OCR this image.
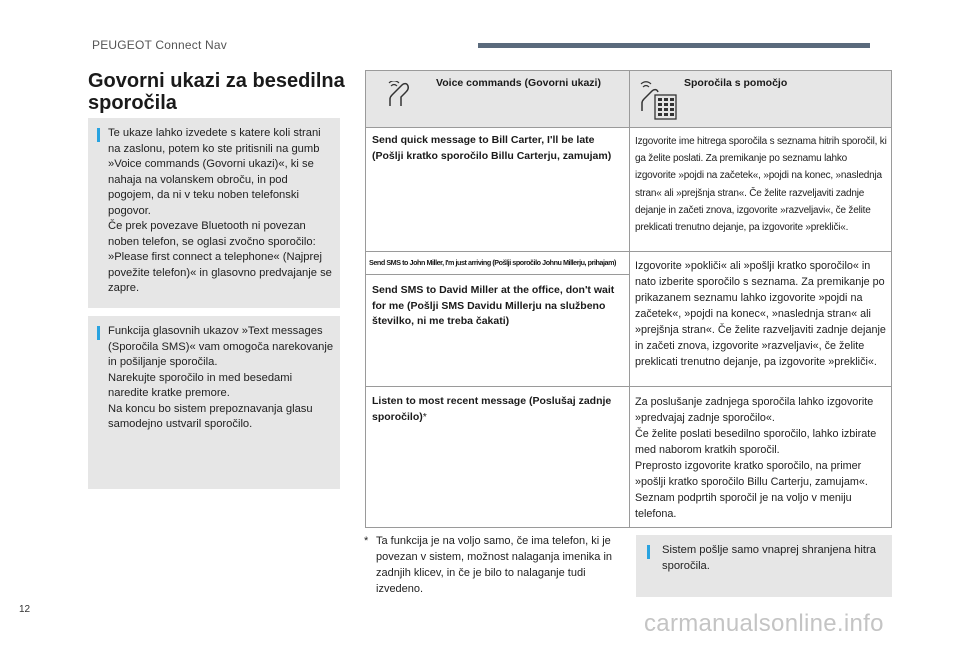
PEUGEOT Connect Nav
Govorni ukazi za besedilna sporočila

Te ukaze lahko izvedete s katere koli strani na zaslonu, potem ko ste pritisnili na gumb »Voice commands (Govorni ukazi)«, ki se nahaja na volanskem obroču, in pod pogojem, da ni v teku noben telefonski pogovor.

Če prek povezave Bluetooth ni povezan noben telefon, se oglasi zvočno sporočilo: »Please first connect a telephone« (Najprej povežite telefon)« in glasovno predvajanje se zapre.

Funkcija glasovnih ukazov »Text messages (Sporočila SMS)« vam omogoča narekovanje in pošiljanje sporočila.

Narekujte sporočilo in med besedami naredite kratke premore.

Na koncu bo sistem prepoznavanja glasu samodejno ustvaril sporočilo.

Voice commands (Govorni ukazi)	Sporočila s pomočjo
Send quick message to Bill Carter, I'll be late (Pošlji kratko sporočilo Billu Carterju, zamujam)
Izgovorite ime hitrega sporočila s seznama hitrih sporočil, ki ga želite poslati. Za premikanje po seznamu lahko izgovorite »pojdi na začetek«, »pojdi na konec, »naslednja stran« ali »prejšnja stran«. Če želite razveljaviti zadnje dejanje in začeti znova, izgovorite »razveljavi«, če želite preklicati trenutno dejanje, pa izgovorite »prekliči«.
Send SMS to John Miller, I'm just arriving (Pošlji sporočilo Johnu Millerju, prihajam)
Send SMS to David Miller at the office, don't wait for me (Pošlji SMS Davidu Millerju na službeno številko, ni me treba čakati)
Izgovorite »pokliči« ali »pošlji kratko sporočilo« in nato izberite sporočilo s seznama. Za premikanje po prikazanem seznamu lahko izgovorite »pojdi na začetek«, »pojdi na konec«, »naslednja stran« ali »prejšnja stran«. Če želite razveljaviti zadnje dejanje in začeti znova, izgovorite »razveljavi«, če želite preklicati trenutno dejanje, pa izgovorite »prekliči«.
Listen to most recent message (Poslušaj zadnje sporočilo)*
Za poslušanje zadnjega sporočila lahko izgovorite »predvajaj zadnje sporočilo«.
Če želite poslati besedilno sporočilo, lahko izbirate med naborom kratkih sporočil.
Preprosto izgovorite kratko sporočilo, na primer »pošlji kratko sporočilo Billu Carterju, zamujam«. Seznam podprtih sporočil je na voljo v meniju telefona.
* Ta funkcija je na voljo samo, če ima telefon, ki je povezan v sistem, možnost nalaganja imenika in zadnjih klicev, in če je bilo to nalaganje tudi izvedeno.

Sistem pošlje samo vnaprej shranjena hitra sporočila.

12
carmanualsonline.info
